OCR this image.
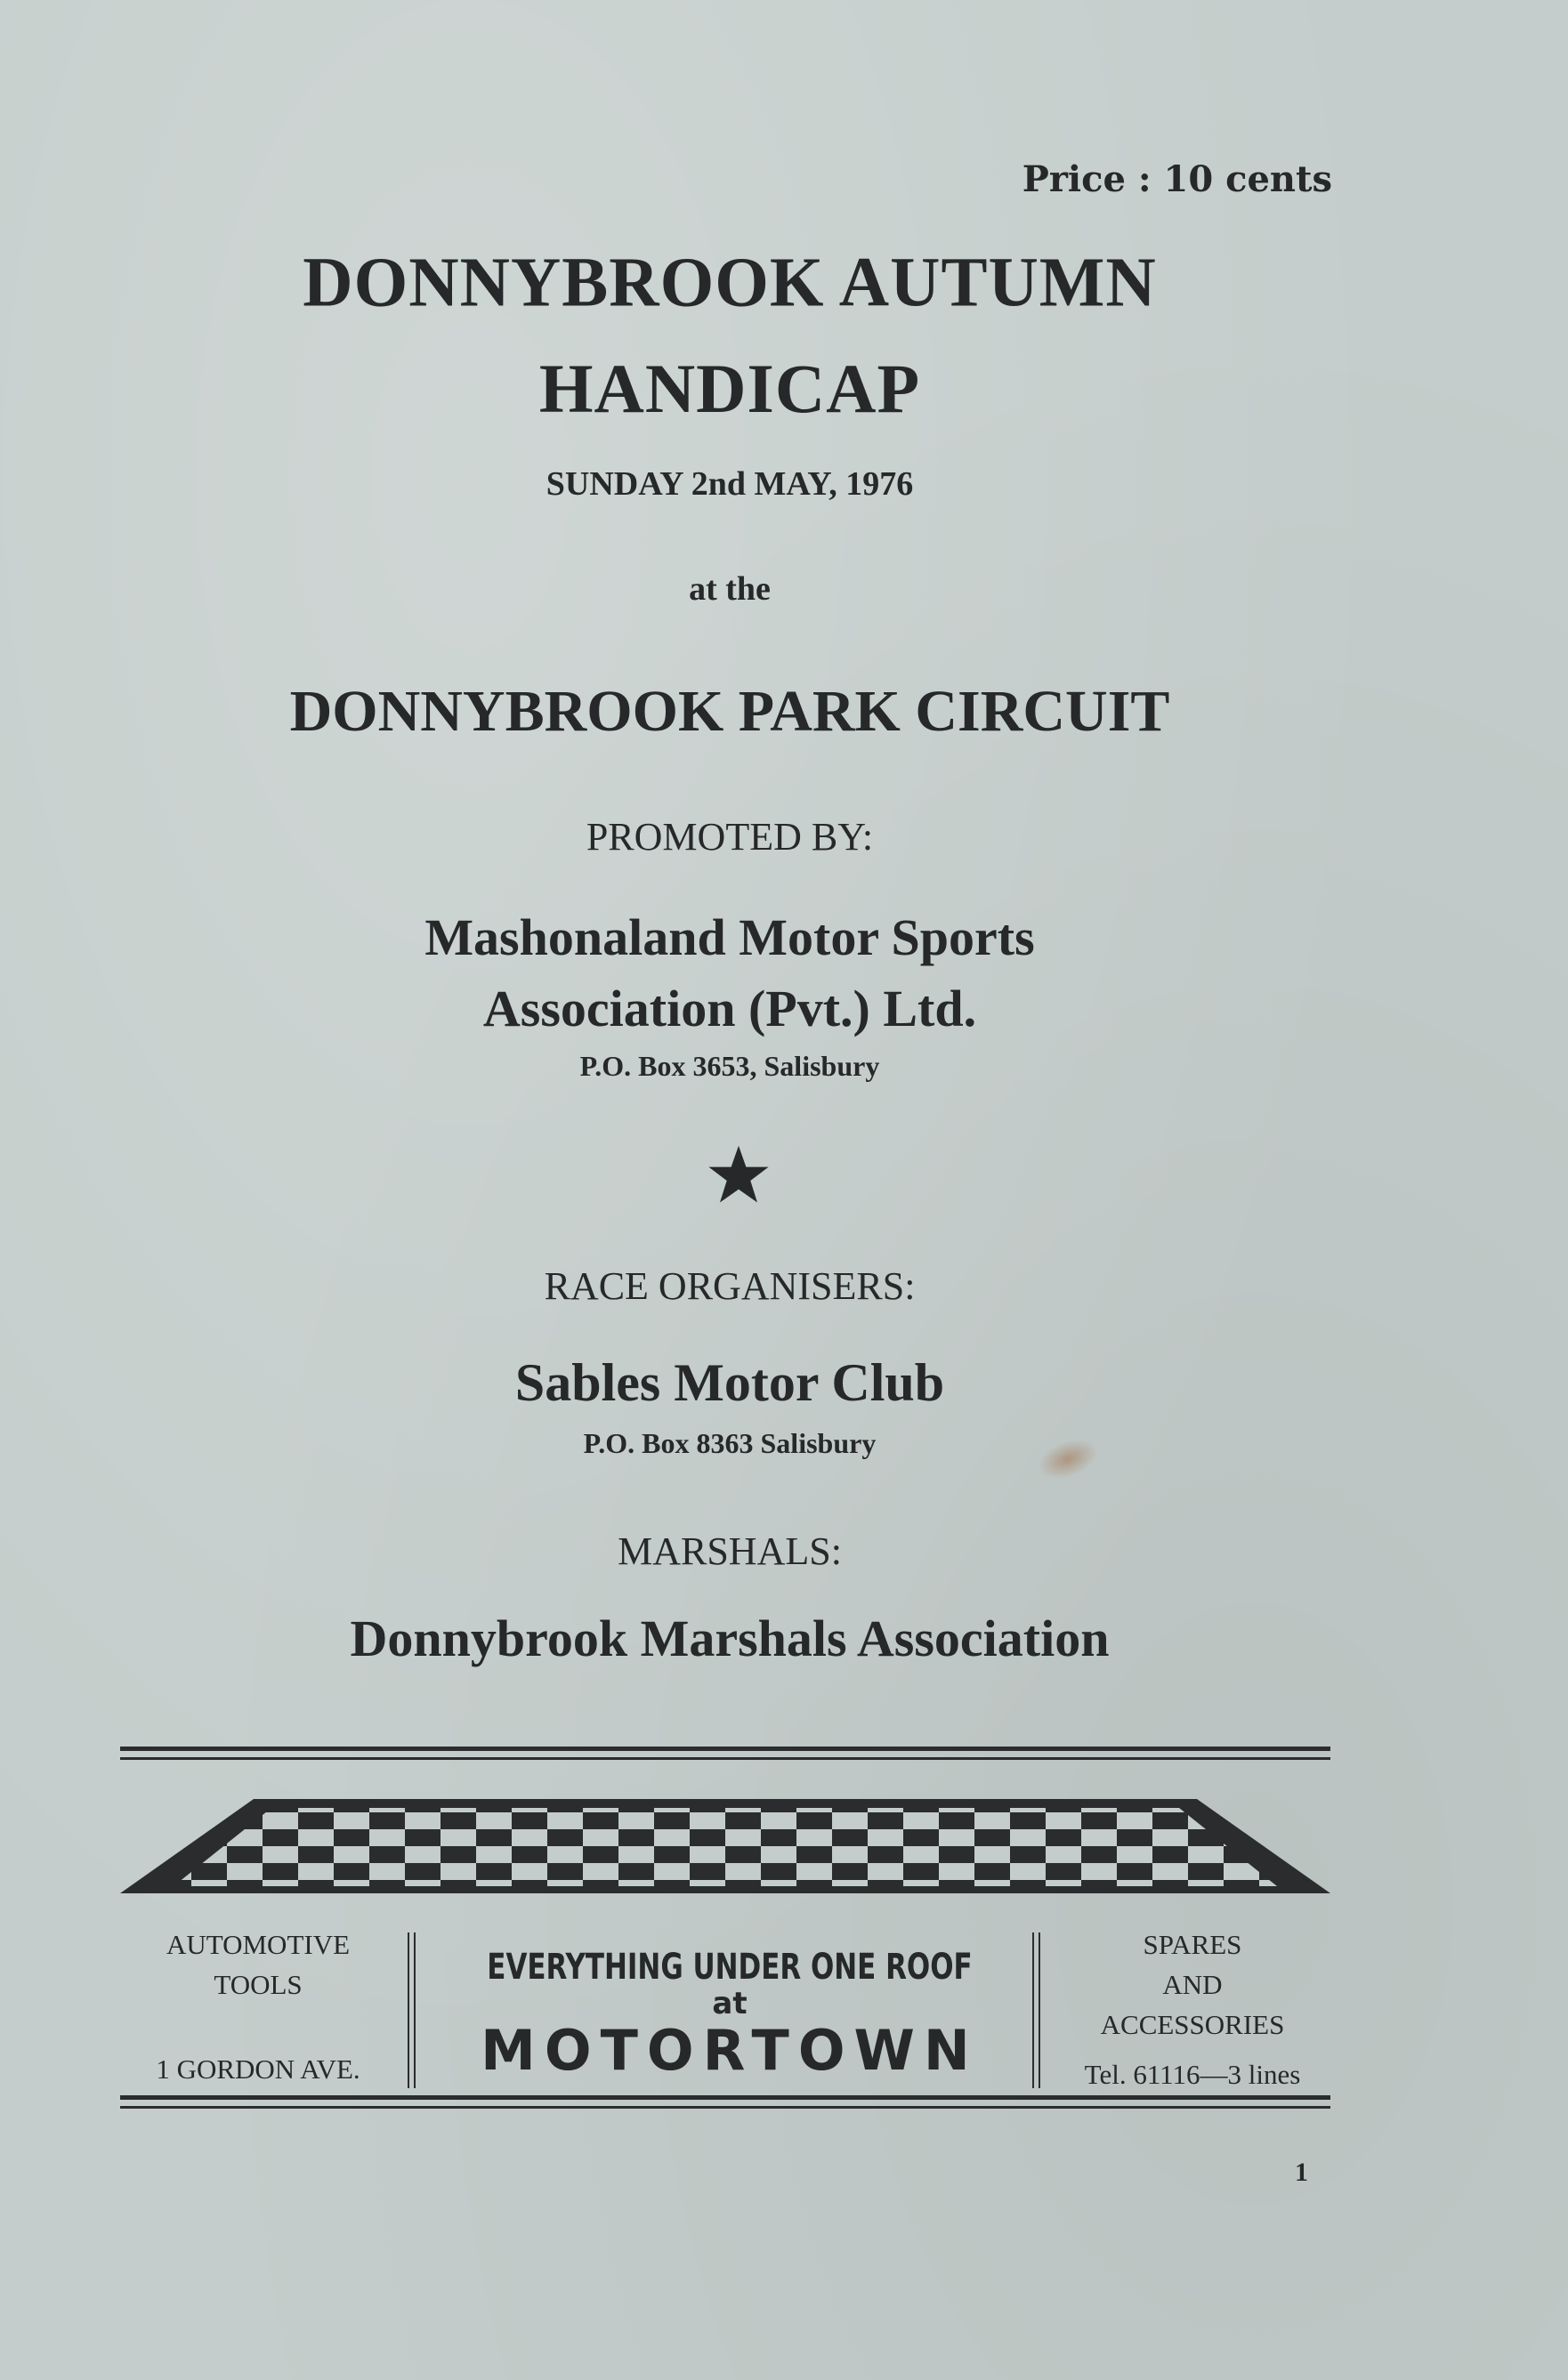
Price : 10 cents
DONNYBROOK AUTUMN
HANDICAP
SUNDAY 2nd MAY, 1976
at the
DONNYBROOK PARK CIRCUIT
PROMOTED BY:
Mashonaland Motor Sports
Association (Pvt.) Ltd.
P.O. Box 3653, Salisbury
RACE ORGANISERS:
Sables Motor Club
P.O. Box 8363 Salisbury
MARSHALS:
Donnybrook Marshals Association
AUTOMOTIVE
TOOLS
1 GORDON AVE.
EVERYTHING UNDER ONE ROOF
at
MOTORTOWN
SPARES
AND
ACCESSORIES
Tel. 61116—3 lines
1
